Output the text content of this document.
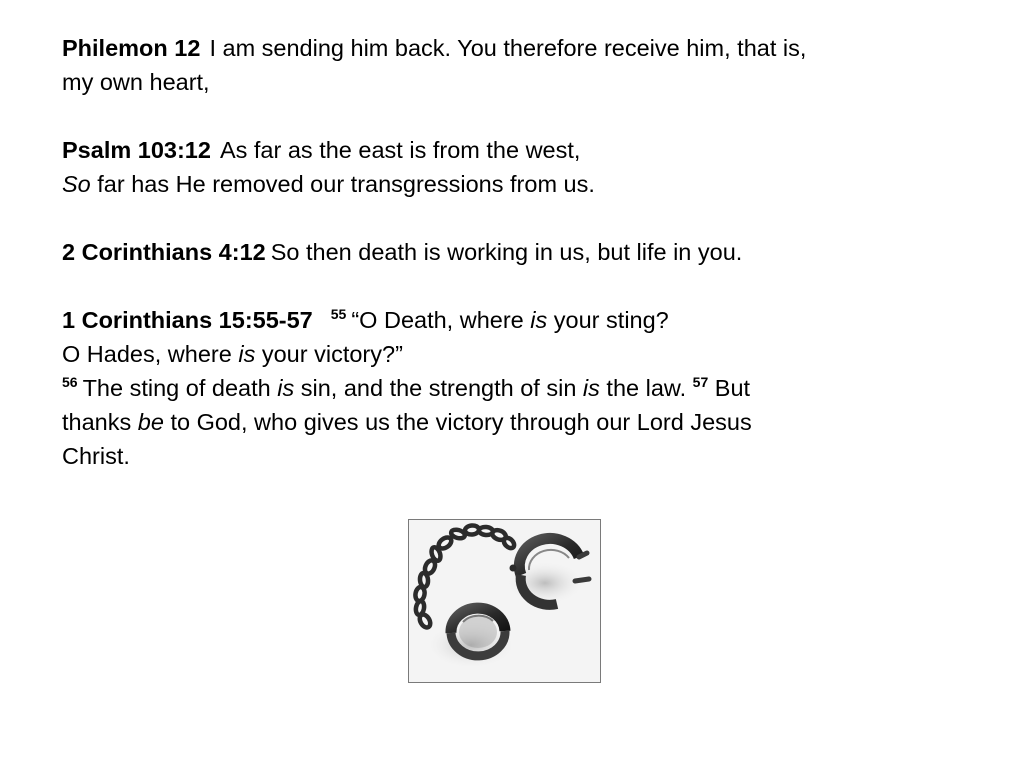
Philemon 12 I am sending him back. You therefore receive him, that is,
my own heart,
Psalm 103:12 As far as the east is from the west,
So far has He removed our transgressions from us.
2 Corinthians 4:12 So then death is working in us, but life in you.
1 Corinthians 15:55-57 $^{55}$ “O Death, where is your sting?
O Hades, where is your victory?”
$^{56}$ The sting of death is sin, and the strength of sin is the law. $^{57}$ But
thanks be to God, who gives us the victory through our Lord Jesus
Christ.
